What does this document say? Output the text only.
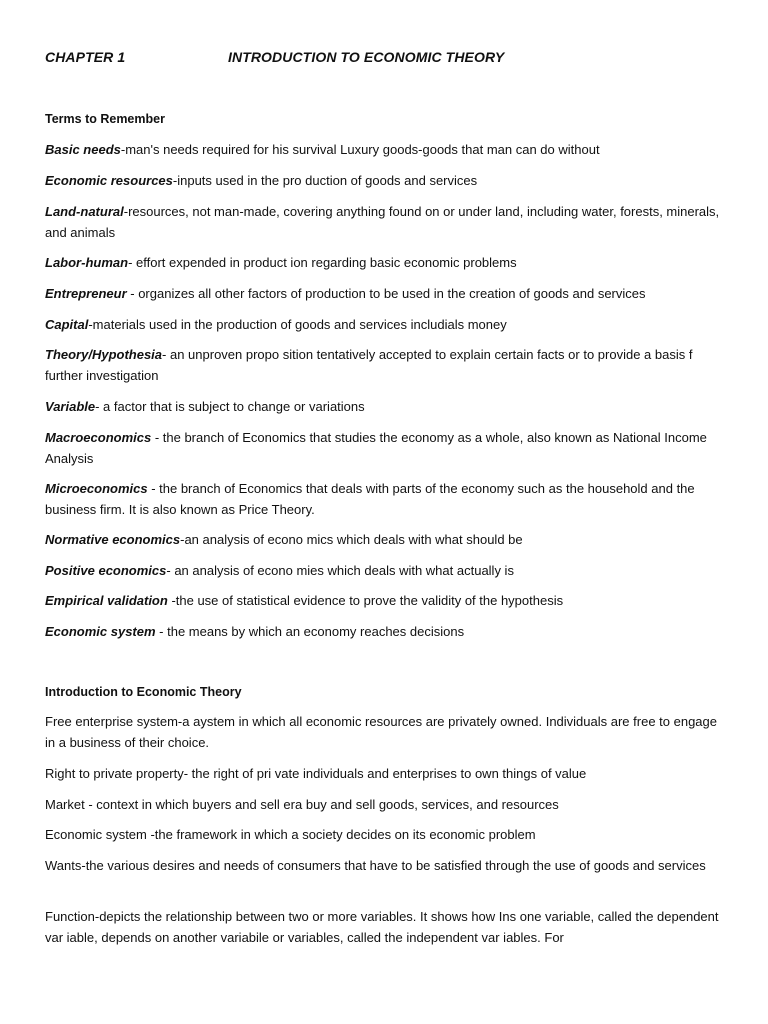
CHAPTER 1	INTRODUCTION TO ECONOMIC THEORY
Terms to Remember
Basic needs-man's needs required for his survival Luxury goods-goods that man can do without
Economic resources-inputs used in the pro duction of goods and services
Land-natural-resources, not man-made, covering anything found on or under land, including water, forests, minerals, and animals
Labor-human- effort expended in product ion regarding basic economic problems
Entrepreneur - organizes all other factors of production to be used in the creation of goods and services
Capital-materials used in the production of goods and services includials money
Theory/Hypothesia- an unproven propo sition tentatively accepted to explain certain facts or to provide a basis f further investigation
Variable- a factor that is subject to change or variations
Macroeconomics - the branch of Economics that studies the economy as a whole, also known as National Income Analysis
Microeconomics - the branch of Economics that deals with parts of the economy such as the household and the business firm. It is also known as Price Theory.
Normative economics-an analysis of econo mics which deals with what should be
Positive economics- an analysis of econo mies which deals with what actually is
Empirical validation -the use of statistical evidence to prove the validity of the hypothesis
Economic system - the means by which an economy reaches decisions
Introduction to Economic Theory
Free enterprise system-a aystem in which all economic resources are privately owned. Individuals are free to engage in a business of their choice.
Right to private property- the right of pri vate individuals and enterprises to own things of value
Market - context in which buyers and sell era buy and sell goods, services, and resources
Economic system -the framework in which a society decides on its economic problem
Wants-the various desires and needs of consumers that have to be satisfied through the use of goods and services
Function-depicts the relationship between two or more variables. It shows how Ins one variable, called the dependent var iable, depends on another variabile or variables, called the independent var iables. For
